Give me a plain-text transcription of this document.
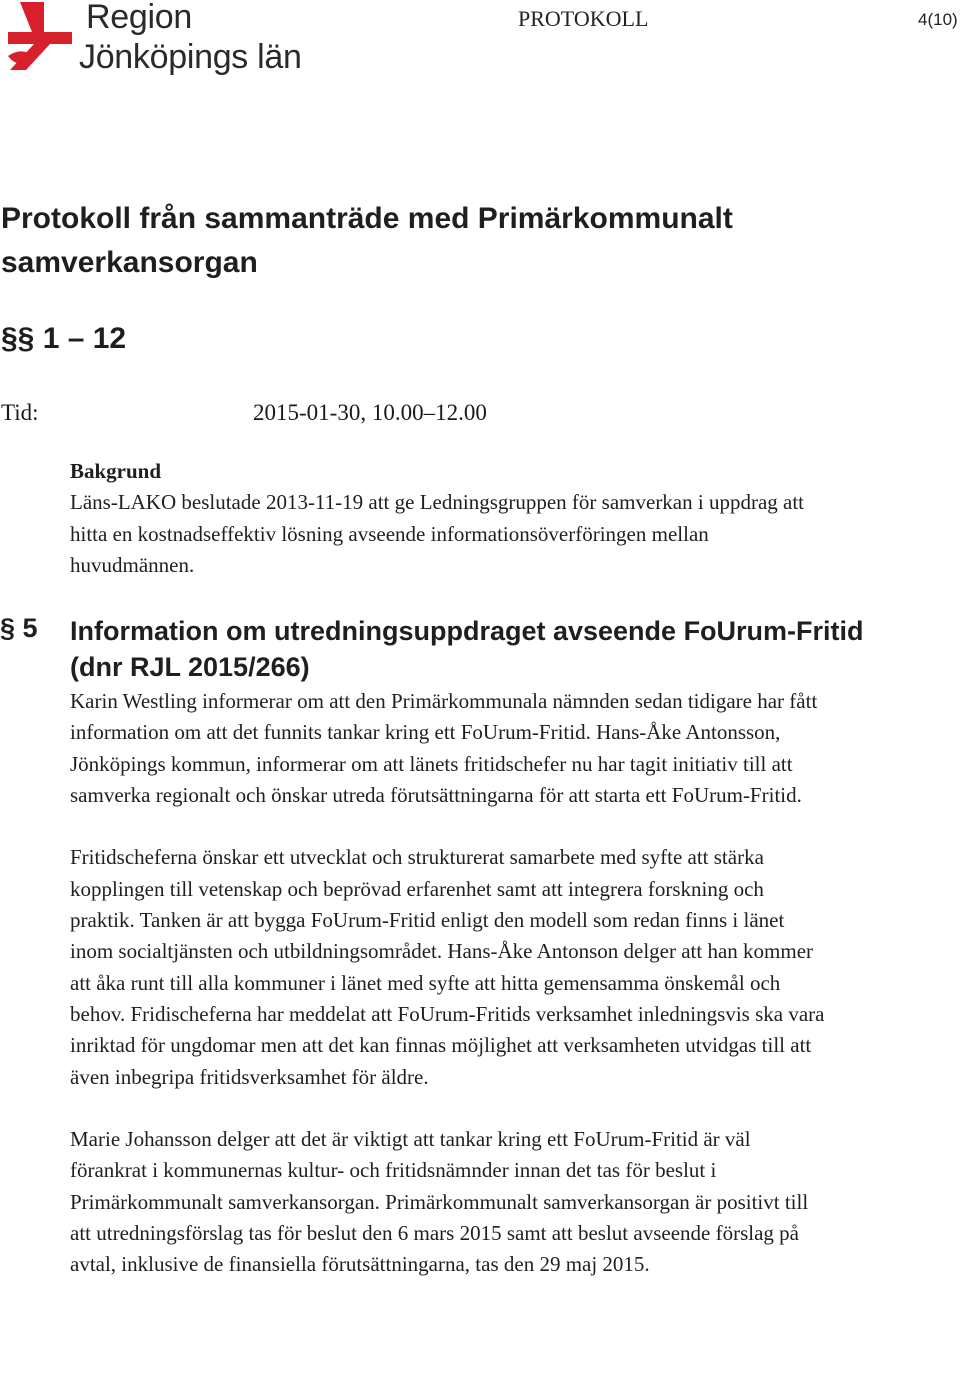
Region
Jönköpings län
PROTOKOLL	4(10)
Protokoll från sammanträde med Primärkommunalt samverkansorgan
§§ 1 – 12
Tid:	2015-01-30, 10.00–12.00

Bakgrund

Läns-LAKO beslutade 2013-11-19 att ge Ledningsgruppen för samverkan i uppdrag att hitta en kostnadseffektiv lösning avseende informationsöverföringen mellan huvudmännen.

§ 5 Information om utredningsuppdraget avseende FoUrum-Fritid (dnr RJL 2015/266)

Karin Westling informerar om att den Primärkommunala nämnden sedan tidigare har fått information om att det funnits tankar kring ett FoUrum-Fritid. Hans-Åke Antonsson, Jönköpings kommun, informerar om att länets fritidschefer nu har tagit initiativ till att samverka regionalt och önskar utreda förutsättningarna för att starta ett FoUrum-Fritid.

Fritidscheferna önskar ett utvecklat och strukturerat samarbete med syfte att stärka kopplingen till vetenskap och beprövad erfarenhet samt att integrera forskning och praktik. Tanken är att bygga FoUrum-Fritid enligt den modell som redan finns i länet inom socialtjänsten och utbildningsområdet. Hans-Åke Antonson delger att han kommer att åka runt till alla kommuner i länet med syfte att hitta gemensamma önskemål och behov. Fridischeferna har meddelat att FoUrum-Fritids verksamhet inledningsvis ska vara inriktad för ungdomar men att det kan finnas möjlighet att verksamheten utvidgas till att även inbegripa fritidsverksamhet för äldre.

Marie Johansson delger att det är viktigt att tankar kring ett FoUrum-Fritid är väl förankrat i kommunernas kultur- och fritidsnämnder innan det tas för beslut i Primärkommunalt samverkansorgan. Primärkommunalt samverkansorgan är positivt till att utredningsförslag tas för beslut den 6 mars 2015 samt att beslut avseende förslag på avtal, inklusive de finansiella förutsättningarna, tas den 29 maj 2015.
